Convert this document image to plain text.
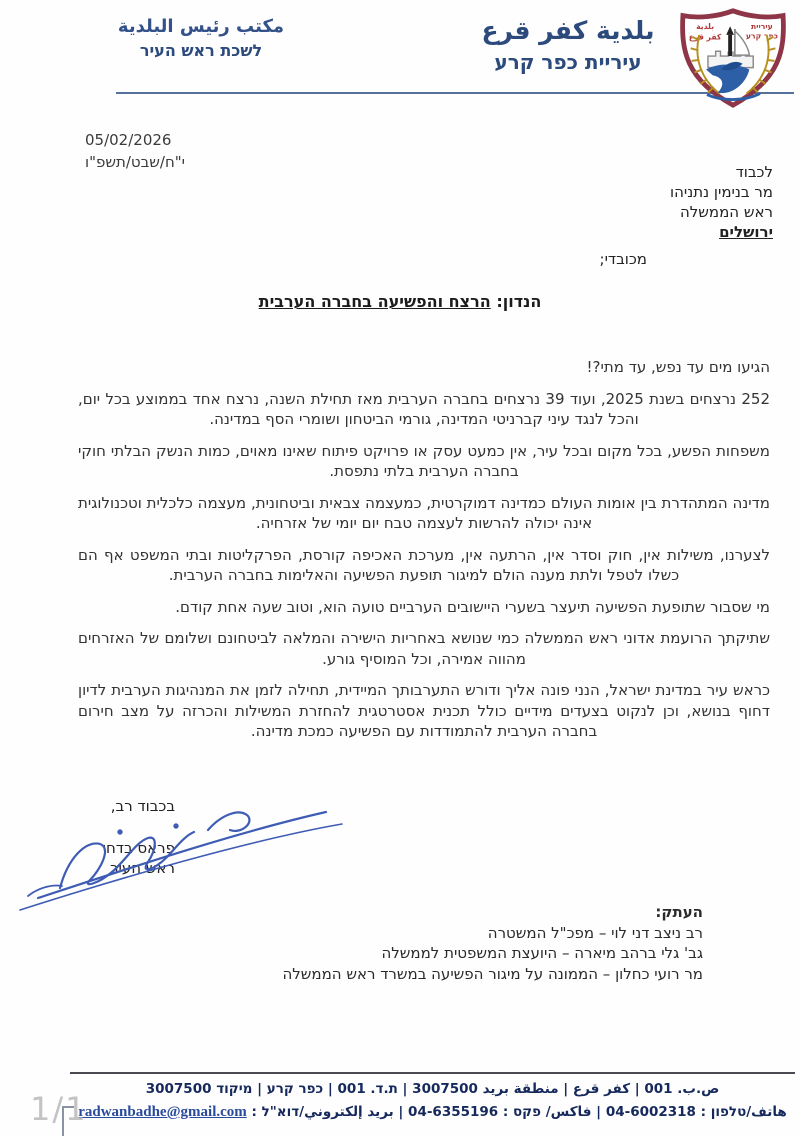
مكتب رئيس البلدية
לשכת ראש העיר
بلدية كفر قرع
עיריית כפר קרע
עיריית
כפר קרע
بلدية
كفر قرع
05/02/2026
י"ח/שבט/תשפ"ו
לכבוד
מר בנימין נתניהו
ראש הממשלה
ירושלים
מכובדי;
הנדון: הרצח והפשיעה בחברה הערבית

הגיעו מים עד נפש, עד מתי?!

252 נרצחים בשנת 2025, ועוד 39 נרצחים בחברה הערבית מאז תחילת השנה, נרצח אחד בממוצע בכל יום, והכל לנגד עיני קברניטי המדינה, גורמי הביטחון ושומרי הסף במדינה.

משפחות הפשע, בכל מקום ובכל עיר, אין כמעט עסק או פרויקט פיתוח שאינו מאוים, כמות הנשק הבלתי חוקי בחברה הערבית בלתי נתפסת.

מדינה המתהדרת בין אומות העולם כמדינה דמוקרטית, כמעצמה צבאית וביטחונית, מעצמה כלכלית וטכנולוגית אינה יכולה להרשות לעצמה טבח יום יומי של אזרחיה.

לצערנו, משילות אין, חוק וסדר אין, הרתעה אין, מערכת האכיפה קורסת, הפרקליטות ובתי המשפט אף הם כשלו לטפל ולתת מענה הולם למיגור תופעת הפשיעה והאלימות בחברה הערבית.

מי שסבור שתופעת הפשיעה תיעצר בשערי היישובים הערביים טועה הוא, וטוב שעה אחת קודם.

שתיקתך הרועמת אדוני ראש הממשלה כמי שנושא באחריות הישירה והמלאה לביטחונם ושלומם של האזרחים מהווה אמירה, וכל המוסיף גורע.

כראש עיר במדינת ישראל, הנני פונה אליך ודורש התערבותך המיידית, תחילה לזמן את המנהיגות הערבית לדיון דחוף בנושא, וכן לנקוט בצעדים מידיים כולל תכנית אסטרטגית להחזרת המשילות והכרזה על מצב חירום בחברה הערבית להתמודדות עם הפשיעה כמכת מדינה.

בכבוד רב,
פראס בדחי
ראש העיר
העתק:
רב ניצב דני לוי – מפכ"ל המשטרה
גב' גלי ברהב מיארה – היועצת המשפטית לממשלה
מר רועי כחלון – הממונה על מיגור הפשיעה במשרד ראש הממשלה
ص.ب. 001 | كفر قرع | منطقة بريد 3007500 | ת.ד. 001 | כפר קרע | מיקוד 3007500
هاتف/טלפון : 04-6002318 | فاكس/ פקס : 04-6355196 | بريد إلكتروني/דוא"ל : radwanbadhe@gmail.com
1/1
